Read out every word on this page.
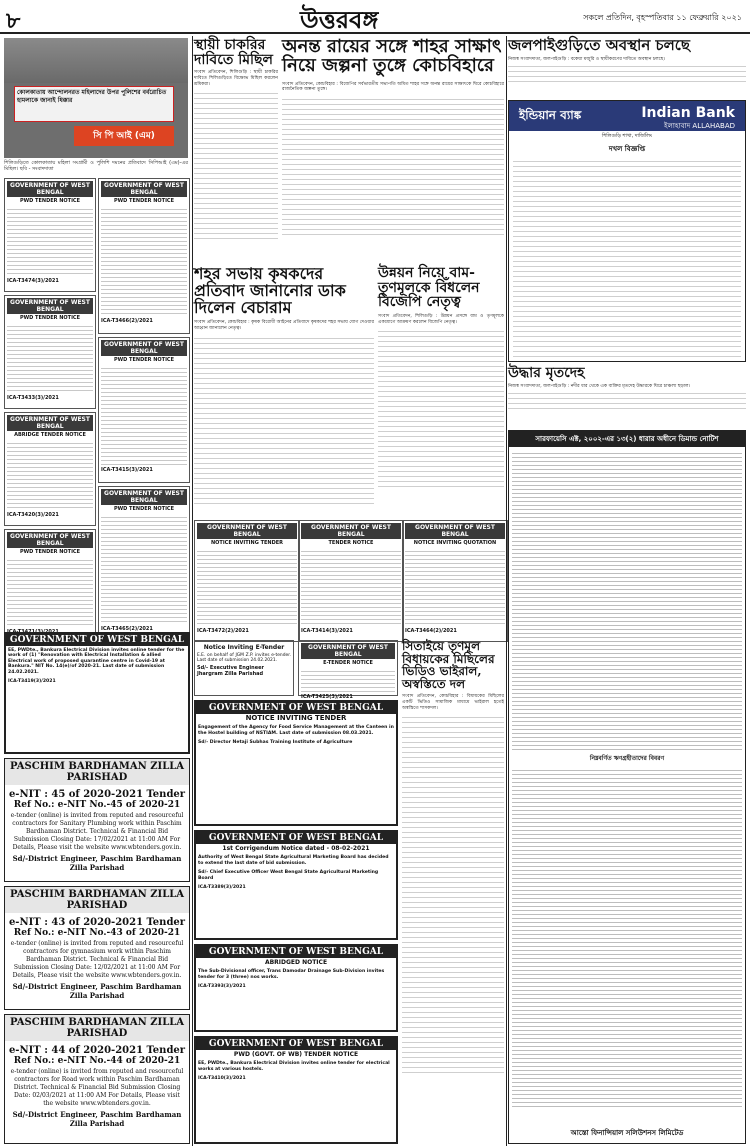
৮	উত্তরবঙ্গ	সকলে প্রতিদিন, বৃহস্পতিবার ১১ ফেব্রুয়ারি ২০২১
কোলকাতায় আন্দোলনরত মহিলাদের উপর পুলিশের বর্বরোচিত হামলাকে জানাই ধিক্কার
সি পি আই (এম)
শিলিগুড়িতে কোলকাতায় মহিলা সংগ্রামী ও পুলিশি দমনের প্রতিবাদে সিপিআই (এম)-এর মিছিল। ছবি - সংবাদদাতা
স্থায়ী চাকরির দাবিতে মিছিল
সংবাদ প্রতিবেদন, শিলিগুড়ি : স্থায়ী চাকরির দাবিতে শিলিগুড়িতে বিক্ষোভ মিছিল করলেন শ্রমিকরা।
অনন্ত রায়ের সঙ্গে শাহর সাক্ষাৎ নিয়ে জল্পনা তুঙ্গে কোচবিহারে
সংবাদ প্রতিবেদন, কোচবিহার : বিজেপির সর্বভারতীয় সভাপতি অমিত শাহর সঙ্গে অনন্ত রায়ের সাক্ষাৎকে ঘিরে কোচবিহারে রাজনৈতিক জল্পনা তুঙ্গে।
জলপাইগুড়িতে অবস্থান চলছে
নিজস্ব সংবাদদাতা, জলপাইগুড়ি : বকেয়া মজুরি ও স্থায়ীকরণের দাবিতে অবস্থান চলছে।
ইন্ডিয়ান ব্যাঙ্ক	Indian Bank
ইলাহাবাদ ALLAHABAD
শিলিগুড়ি শাখা, দার্জিলিং
দখল বিজ্ঞপ্তি
শহর সভায় কৃষকদের প্রতিবাদ জানানোর ডাক দিলেন বেচারাম
সংবাদ প্রতিবেদন, কোচবিহার : কৃষক বিরোধী আইনের প্রতিবাদে কৃষকদের শহর সভায় যোগ দেওয়ার আহ্বান জানালেন নেতৃত্ব।
উন্নয়ন নিয়ে বাম-তৃণমূলকে বিঁধলেন বিজেপি নেতৃত্ব
সংবাদ প্রতিবেদন, শিলিগুড়ি : উন্নয়ন প্রসঙ্গে বাম ও তৃণমূলকে একযোগে আক্রমণ করলেন বিজেপি নেতৃত্ব।
উদ্ধার মৃতদেহ
নিজস্ব সংবাদদাতা, জলপাইগুড়ি : নদীর ধার থেকে এক ব্যক্তির মৃতদেহ উদ্ধারকে ঘিরে চাঞ্চল্য ছড়াল।
সারফায়েসি এক্ট, ২০০২-এর ১৩(২) ধারার অধীনে ডিমান্ড নোটিশ
নিম্নবর্ণিত ঋণগ্রহীতাদের বিবরণ
আস্তো ফিনান্সিয়াল সলিউশনস লিমিটেড
GOVERNMENT OF WEST BENGAL
PWD TENDER NOTICE
ICA-T3474(3)/2021
GOVERNMENT OF WEST BENGAL
PWD TENDER NOTICE
ICA-T3433(3)/2021
GOVERNMENT OF WEST BENGAL
ABRIDGE TENDER NOTICE
ICA-T3420(3)/2021
GOVERNMENT OF WEST BENGAL
PWD TENDER NOTICE
GOVERNMENT OF WEST BENGAL
PWD TENDER NOTICE
ICA-T3466(2)/2021
GOVERNMENT OF WEST BENGAL
PWD TENDER NOTICE
ICA-T3415(3)/2021
GOVERNMENT OF WEST BENGAL
PWD TENDER NOTICE
ICA-T3465(2)/2021
GOVERNMENT OF WEST BENGAL
NOTICE INVITING TENDER
ICA-T3472(2)/2021
GOVERNMENT OF WEST BENGAL
TENDER NOTICE
ICA-T3414(3)/2021
GOVERNMENT OF WEST BENGAL
NOTICE INVITING QUOTATION
ICA-T3464(2)/2021
Notice Inviting E-Tender
E.E. on behalf of JGM Z.P. invites e-tender. Last date of submission 24.02.2021.
Sd/- Executive Engineer Jhargram Zilla Parishad
GOVERNMENT OF WEST BENGAL
E-TENDER NOTICE
ICA-T3425(3)/2021
সিতাইয়ে তৃণমূল বিধায়কের মিছিলের ভিডিও ভাইরাল, অস্বস্তিতে দল
সংবাদ প্রতিবেদন, কোচবিহার : বিধায়কের মিছিলের একটি ভিডিও সামাজিক মাধ্যমে ভাইরাল হতেই অস্বস্তিতে শাসকদল।
GOVERNMENT OF WEST BENGAL
EE, PWDte., Bankura Electrical Division invites online tender for the work of (1) "Renovation with Electrical Installation & allied Electrical work of proposed quarantine centre in Covid-19 at Bankura." NIT No. 14(e)/of 2020-21. Last date of submission 24.02.2021.
ICA-T3419(3)/2021
PASCHIM BARDHAMAN ZILLA PARISHAD
e-NIT : 45 of 2020-2021 Tender
Ref No.: e-NIT No.-45 of 2020-21
e-tender (online) is invited from reputed and resourceful contractors for Sanitary Plumbing work within Paschim Bardhaman District. Technical & Financial Bid Submission Closing Date: 17/02/2021 at 11:00 AM For Details, Please visit the website www.wbtenders.gov.in.
Sd/-District Engineer, Paschim Bardhaman Zilla Parishad
PASCHIM BARDHAMAN ZILLA PARISHAD
e-NIT : 43 of 2020-2021 Tender
Ref No.: e-NIT No.-43 of 2020-21
e-tender (online) is invited from reputed and resourceful contractors for gymnasium work within Paschim Bardhaman District. Technical & Financial Bid Submission Closing Date: 12/02/2021 at 11:00 AM For Details, Please visit the website www.wbtenders.gov.in.
Sd/-District Engineer, Paschim Bardhaman Zilla Parishad
PASCHIM BARDHAMAN ZILLA PARISHAD
e-NIT : 44 of 2020-2021 Tender
Ref No.: e-NIT No.-44 of 2020-21
e-tender (online) is invited from reputed and resourceful contractors for Road work within Paschim Bardhaman District. Technical & Financial Bid Submission Closing Date: 02/03/2021 at 11:00 AM For Details, Please visit the website www.wbtenders.gov.in.
Sd/-District Engineer, Paschim Bardhaman Zilla Parishad
GOVERNMENT OF WEST BENGAL
NOTICE INVITING TENDER
Engagement of the Agency for Food Service Management at the Canteen in the Hostel building of NSTIAM. Last date of submission 08.03.2021.
Sd/- Director Netaji Subhas Training Institute of Agriculture
GOVERNMENT OF WEST BENGAL
1st Corrigendum Notice dated - 08-02-2021
Authority of West Bengal State Agricultural Marketing Board has decided to extend the last date of bid submission.
Sd/- Chief Executive Officer West Bengal State Agricultural Marketing Board
ICA-T3389(3)/2021
GOVERNMENT OF WEST BENGAL
ABRIDGED NOTICE
The Sub-Divisional officer, Trans Damodar Drainage Sub-Division invites tender for 3 (three) nos works.
ICA-T3393(3)/2021
GOVERNMENT OF WEST BENGAL
PWD (GOVT. OF WB) TENDER NOTICE
EE, PWDte., Bankura Electrical Division invites online tender for electrical works at various hostels.
ICA-T3410(3)/2021
